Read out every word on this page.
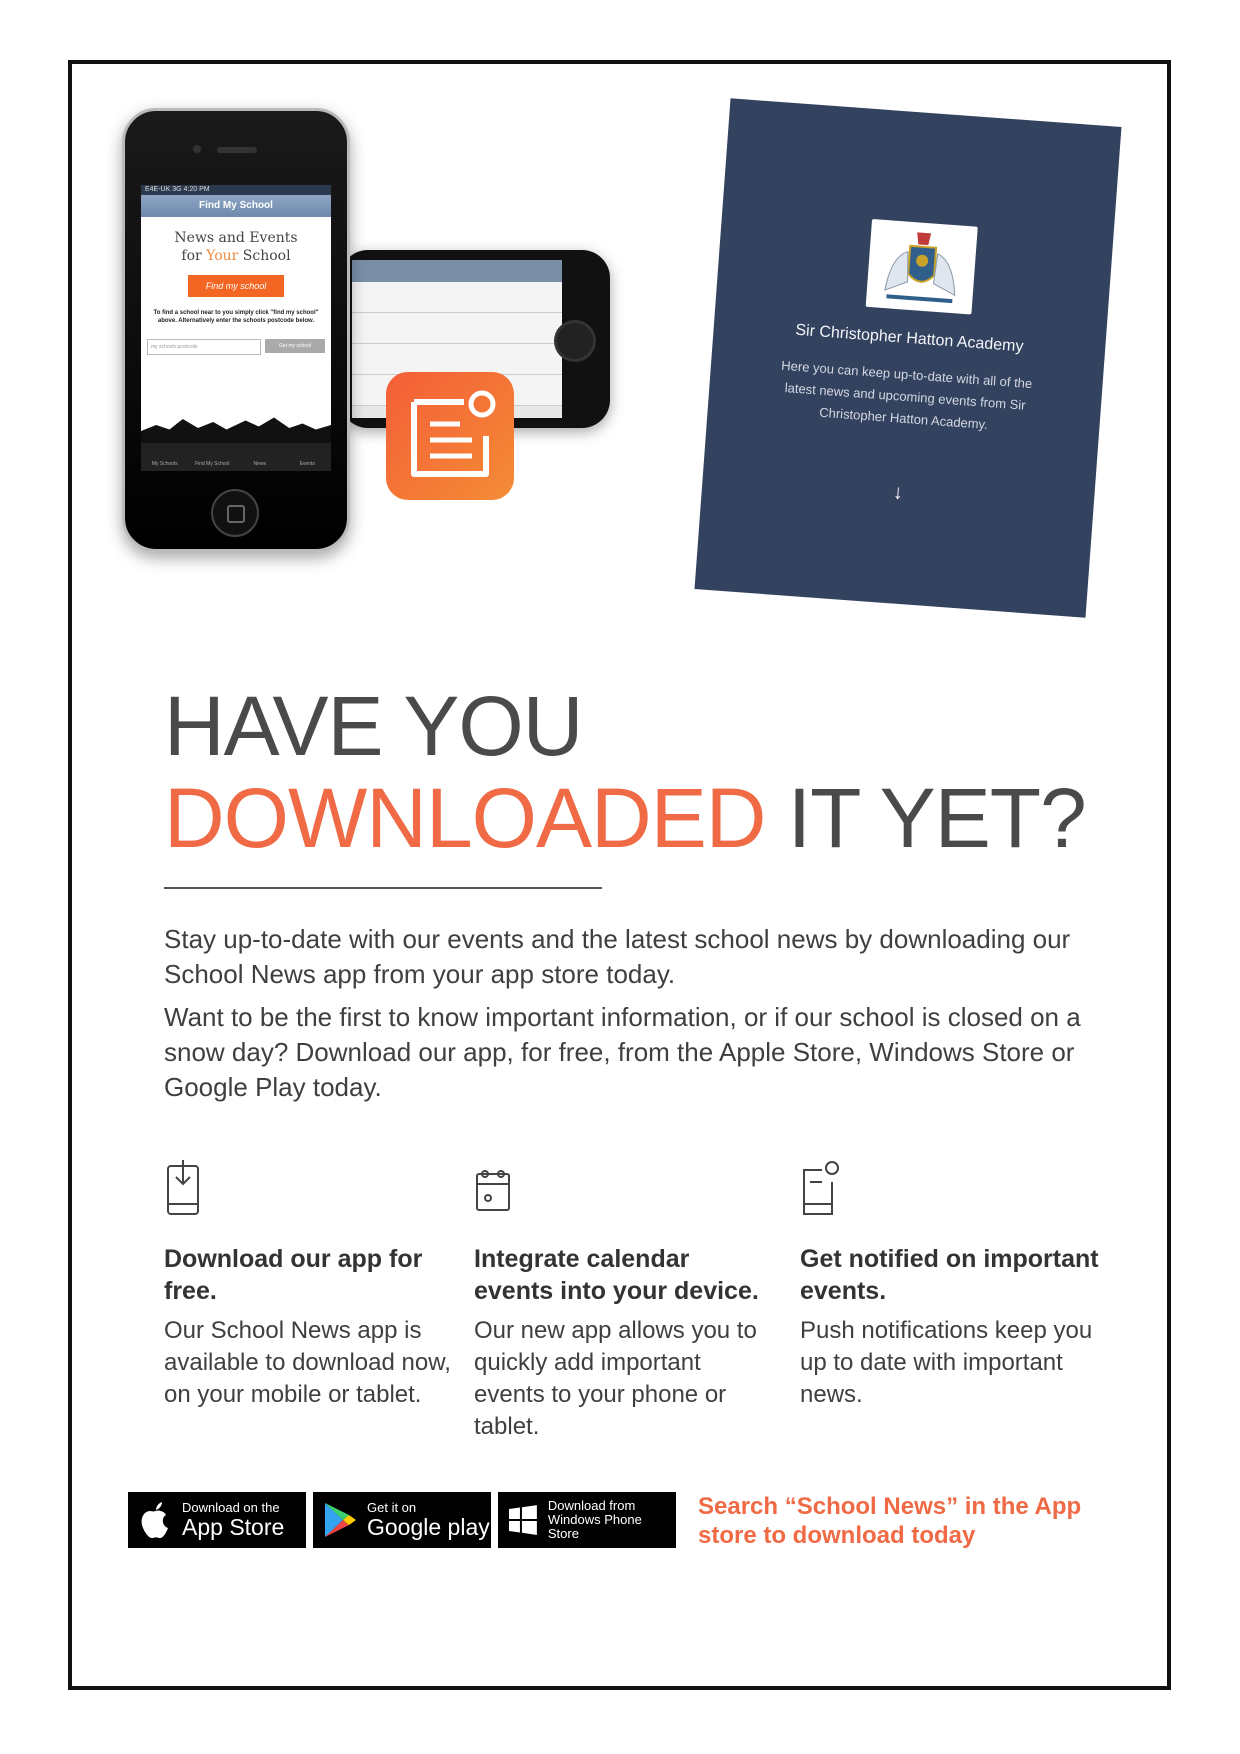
E4E-UK 3G 4:20 PM
Find My School
News and Events
for Your School
Find my school
To find a school near to you simply click "find my school" above. Alternatively enter the schools postcode below.
my schools postcode	Get my school
My Schools	Find My School	News	Events
Sir Christopher Hatton Academy
Here you can keep up-to-date with all of the latest news and upcoming events from Sir Christopher Hatton Academy.
↓
HAVE YOU
DOWNLOADED IT YET?

Stay up-to-date with our events and the latest school news by downloading our School News app from your app store today.

Want to be the first to know important information, or if our school is closed on a snow day? Download our app, for free, from the Apple Store, Windows Store or Google Play today.

Download our app for free.

Our School News app is available to download now, on your mobile or tablet.

Integrate calendar events into your device.

Our new app allows you to quickly add important events to your phone or tablet.

Get notified on important events.

Push notifications keep you up to date with important news.

Download on the
App Store
Get it on
Google play
Download from
Windows Phone Store
Search “School News” in the App
store to download today
